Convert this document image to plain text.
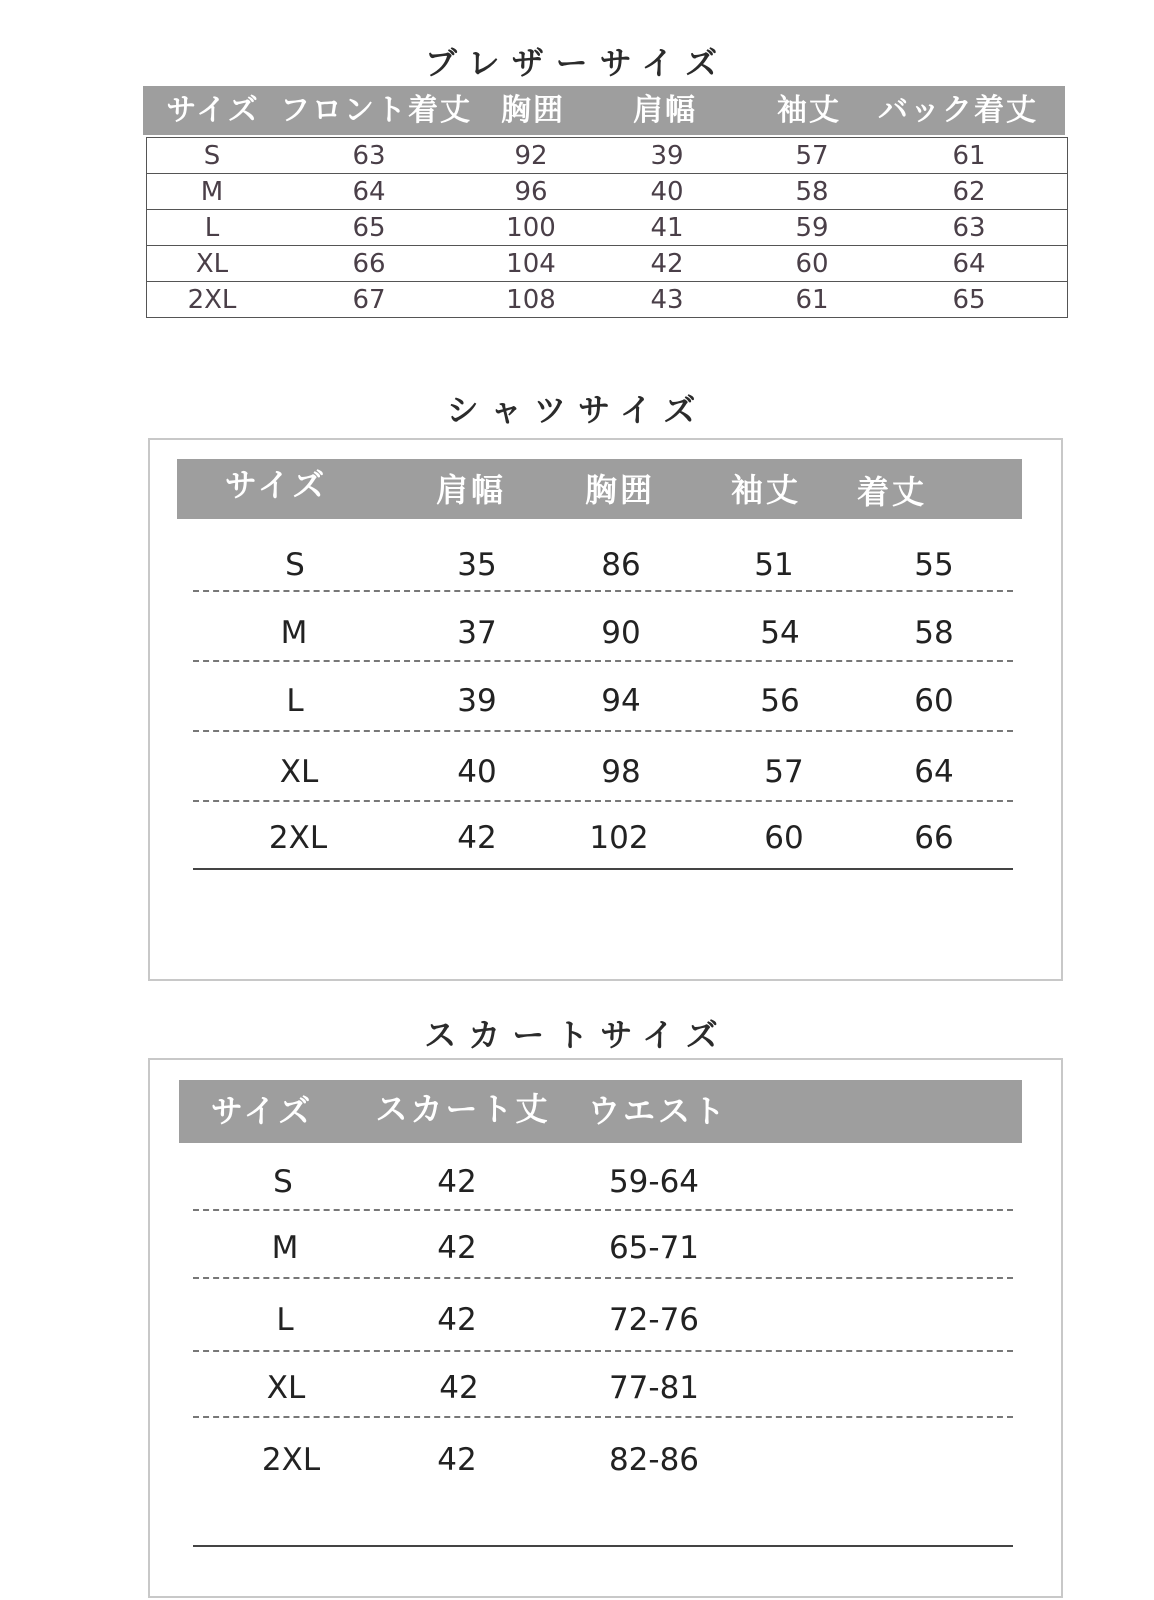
ブレザーサイズ
サイズ フロント着丈 胸囲 肩幅	袖丈 バック着丈
S	63	92	39	57	61
M	64	96	40	58	62
L	65	100	41	59	63
XL	66	104	42	60	64
2XL	67	108	43	61	65
シャツサイズ
サイズ	肩幅 胸囲 袖丈 着丈
S	35	86	51	55
M	37	90	54	58
L	39	94	56	60
XL	40	98	57	64
2XL	42	102	60	66
スカートサイズ
サイズ スカート丈 ウエスト
S	42	59-64
M	42	65-71
L	42	72-76
XL	42	77-81
2XL	42	82-86
